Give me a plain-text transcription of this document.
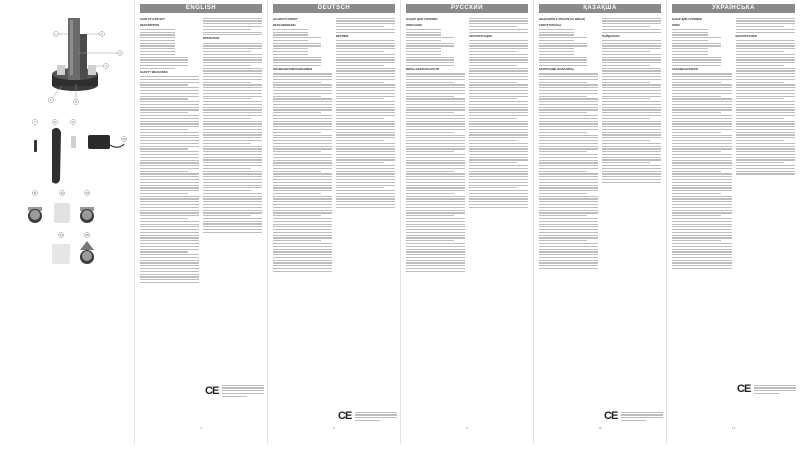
1	2
3
4
6	5
7	8	9
10
11	12	13
14	15
ENGLISH
HAIR STYLER SET
DESCRIPTION
SAFETY MEASURES
OPERATION
CE
3
DEUTSCH
HAARSTYLERSET
BESCHREIBUNG
SICHERHEITSMASSNAHMEN
BETRIEB
CE
5
РУССКИЙ
НАБОР ДЛЯ СТРИЖКИ
ОПИСАНИЕ
МЕРЫ БЕЗОПАСНОСТИ
ЭКСПЛУАТАЦИЯ
8
ҚАЗАҚША
ШАШ ҚИЮҒА АРНАЛҒАН ЖИНАҚ
СИПАТТАМАСЫ
ҚАУІПСІЗДІК ШАРАЛАРЫ
ПАЙДАЛАНУ
CE
10
УКРАЇНСЬКА
НАБІР ДЛЯ СТРИЖКИ
ОПИС
ЗАХОДИ БЕЗПЕКИ
ЕКСПЛУАТАЦІЯ
CE
13
